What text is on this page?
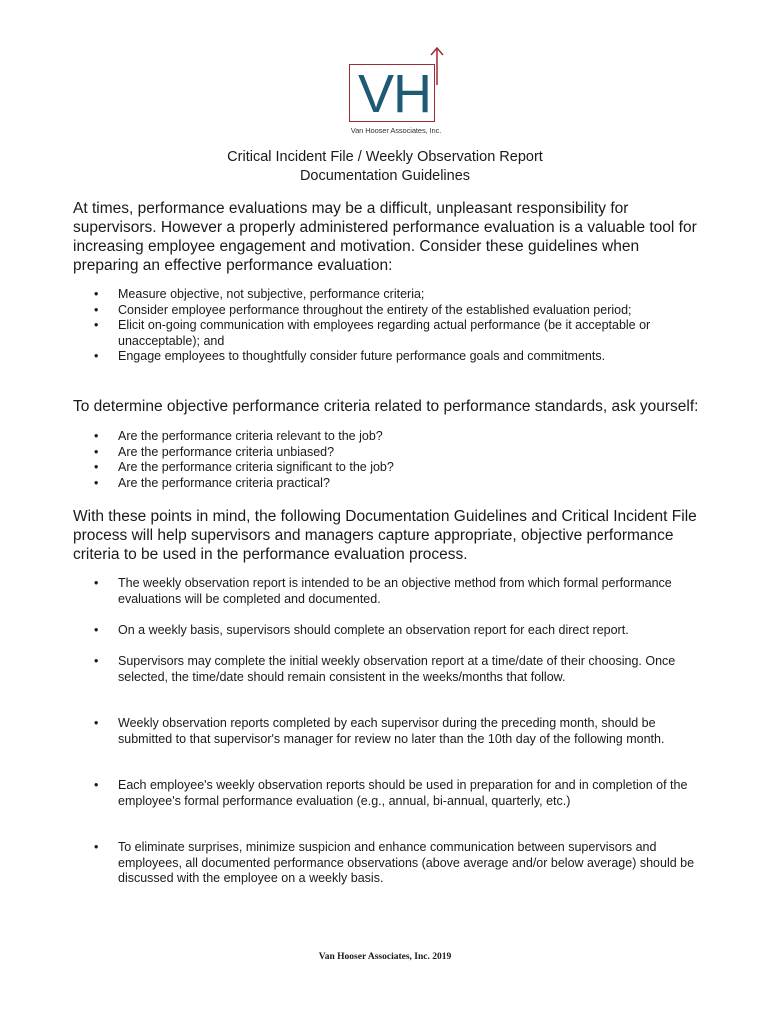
VH
Van Hooser Associates, Inc.
Critical Incident File / Weekly Observation Report
Documentation Guidelines
At times, performance evaluations may be a difficult, unpleasant responsibility for supervisors. However a properly administered performance evaluation is a valuable tool for increasing employee engagement and motivation. Consider these guidelines when preparing an effective performance evaluation:
• Measure objective, not subjective, performance criteria;
• Consider employee performance throughout the entirety of the established evaluation period;
• Elicit on-going communication with employees regarding actual performance (be it acceptable or unacceptable); and
• Engage employees to thoughtfully consider future performance goals and commitments.
To determine objective performance criteria related to performance standards, ask yourself:
• Are the performance criteria relevant to the job?
• Are the performance criteria unbiased?
• Are the performance criteria significant to the job?
• Are the performance criteria practical?
With these points in mind, the following Documentation Guidelines and Critical Incident File process will help supervisors and managers capture appropriate, objective performance criteria to be used in the performance evaluation process.
• The weekly observation report is intended to be an objective method from which formal performance evaluations will be completed and documented.
• On a weekly basis, supervisors should complete an observation report for each direct report.
• Supervisors may complete the initial weekly observation report at a time/date of their choosing. Once selected, the time/date should remain consistent in the weeks/months that follow.
• Weekly observation reports completed by each supervisor during the preceding month, should be submitted to that supervisor's manager for review no later than the 10th day of the following month.
• Each employee's weekly observation reports should be used in preparation for and in completion of the employee's formal performance evaluation (e.g., annual, bi-annual, quarterly, etc.)
• To eliminate surprises, minimize suspicion and enhance communication between supervisors and employees, all documented performance observations (above average and/or below average) should be discussed with the employee on a weekly basis.
Van Hooser Associates, Inc. 2019
